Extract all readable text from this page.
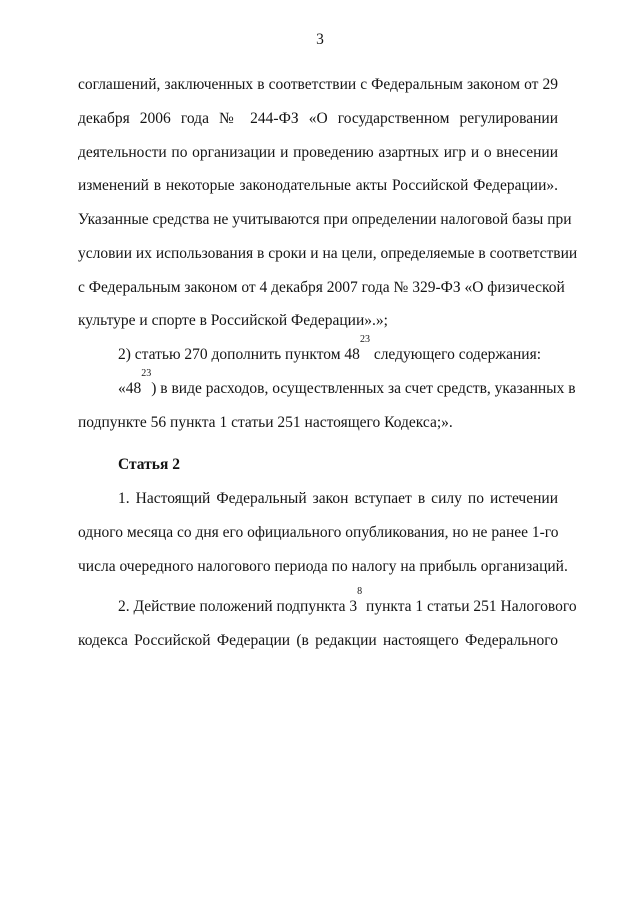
3
соглашений, заключенных в соответствии с Федеральным законом от 29
декабря 2006 года № 244-ФЗ «О государственном регулировании
деятельности по организации и проведению азартных игр и о внесении
изменений в некоторые законодательные акты Российской Федерации».
Указанные средства не учитываются при определении налоговой базы при
условии их использования в сроки и на цели, определяемые в соответствии
с Федеральным законом от 4 декабря 2007 года № 329-ФЗ «О физической
культуре и спорте в Российской Федерации».»;
2) статью 270 дополнить пунктом $48^{23}$ следующего содержания:
«$48^{23}$) в виде расходов, осуществленных за счет средств, указанных в
подпункте 56 пункта 1 статьи 251 настоящего Кодекса;».
Статья 2
1. Настоящий Федеральный закон вступает в силу по истечении
одного месяца со дня его официального опубликования, но не ранее 1-го
числа очередного налогового периода по налогу на прибыль организаций.
2. Действие положений подпункта $3^8$ пункта 1 статьи 251 Налогового
кодекса Российской Федерации (в редакции настоящего Федерального
